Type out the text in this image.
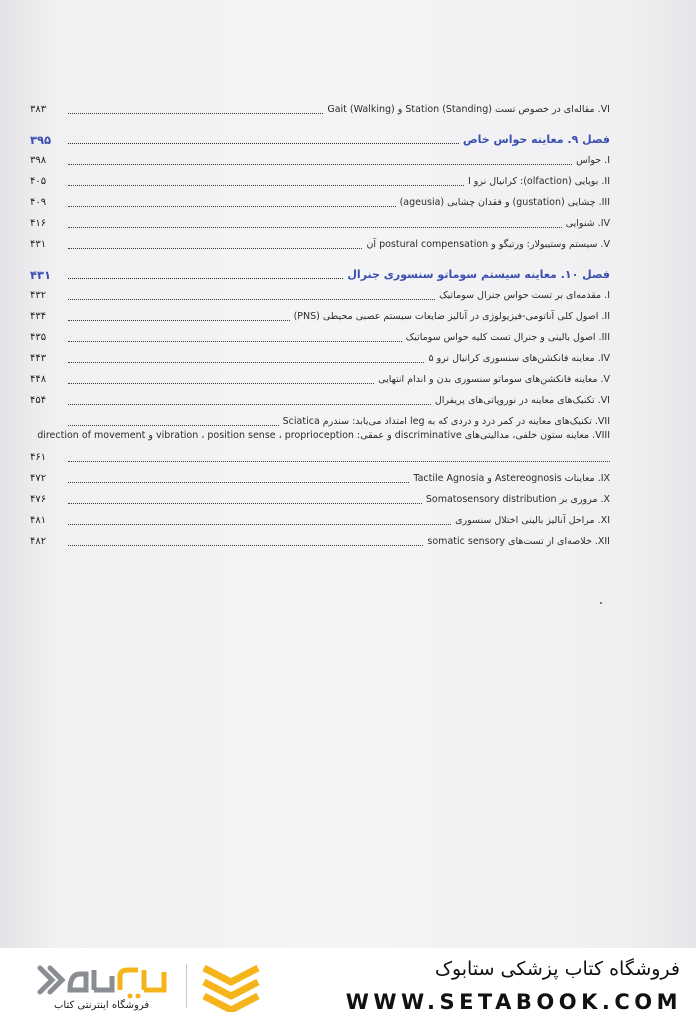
VI. مقاله‌ای در خصوص تست Station (Standing) و Gait (Walking)
۳۸۳
فصل ۹. معاینه حواس خاص
۳۹۵
I. حواس
۳۹۸
II. بویایی (olfaction): کرانیال نرو I
۴۰۵
III. چشایی (gustation) و فقدان چشایی (ageusia)
۴۰۹
IV. شنوایی
۴۱۶
V. سیستم وستیبولار: ورتیگو و postural compensation آن
۴۳۱
فصل ۱۰. معاینه سیستم سوماتو سنسوری جنرال
۴۳۱
I. مقدمه‌ای بر تست حواس جنرال سوماتیک
۴۳۲
II. اصول کلی آناتومی-فیزیولوژی در آنالیز ضایعات سیستم عصبی محیطی (PNS)
۴۳۴
III. اصول بالینی و جنرال تست کلیه حواس سوماتیک
۴۳۵
IV. معاینه فانکشن‌های سنسوری کرانیال نرو ۵
۴۴۳
V. معاینه فانکشن‌های سوماتو سنسوری بدن و اندام انتهایی
۴۴۸
VI. تکنیک‌های معاینه در نوروپاتی‌های پریفرال
۴۵۴
VII. تکنیک‌های معاینه در کمر درد و دردی که به leg امتداد می‌یابد: سندرم Sciatica
VIII. معاینه ستون خلفی، مدالیتی‌های discriminative و عمقی: vibration ، position sense ، proprioception و direction of movement
۴۶۱
IX. معاینات Astereognosis و Tactile Agnosia
۴۷۲
X. مروری بر Somatosensory distribution
۴۷۶
XI. مراحل آنالیز بالینی اختلال سنسوری
۴۸۱
XII. خلاصه‌ای از تست‌های somatic sensory
۴۸۲
فروشگاه اینترنتی کتاب
فروشگاه کتاب پزشکی ستابوک
WWW.SETABOOK.COM
